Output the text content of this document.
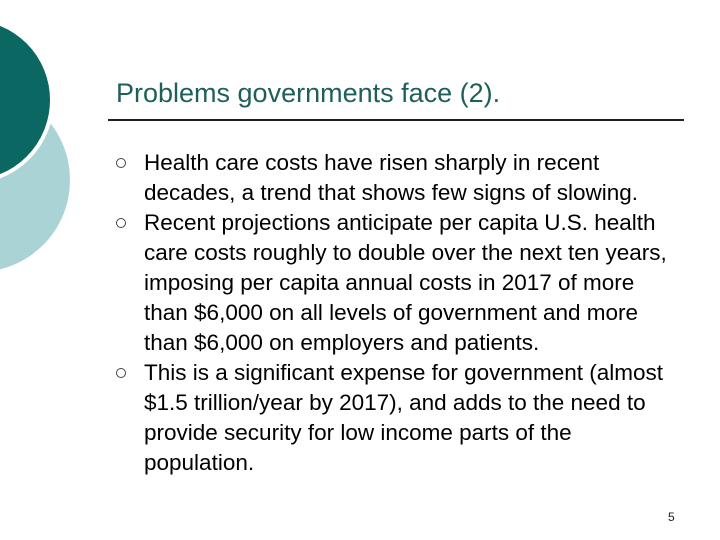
Problems governments face (2).
Health care costs have risen sharply in recent decades, a trend that shows few signs of slowing.
Recent projections anticipate per capita U.S. health care costs roughly to double over the next ten years, imposing per capita annual costs in 2017 of more than $6,000 on all levels of government and more than $6,000 on employers and patients.
This is a significant expense for government (almost $1.5 trillion/year by 2017), and adds to the need to provide security for low income parts of the population.
5
